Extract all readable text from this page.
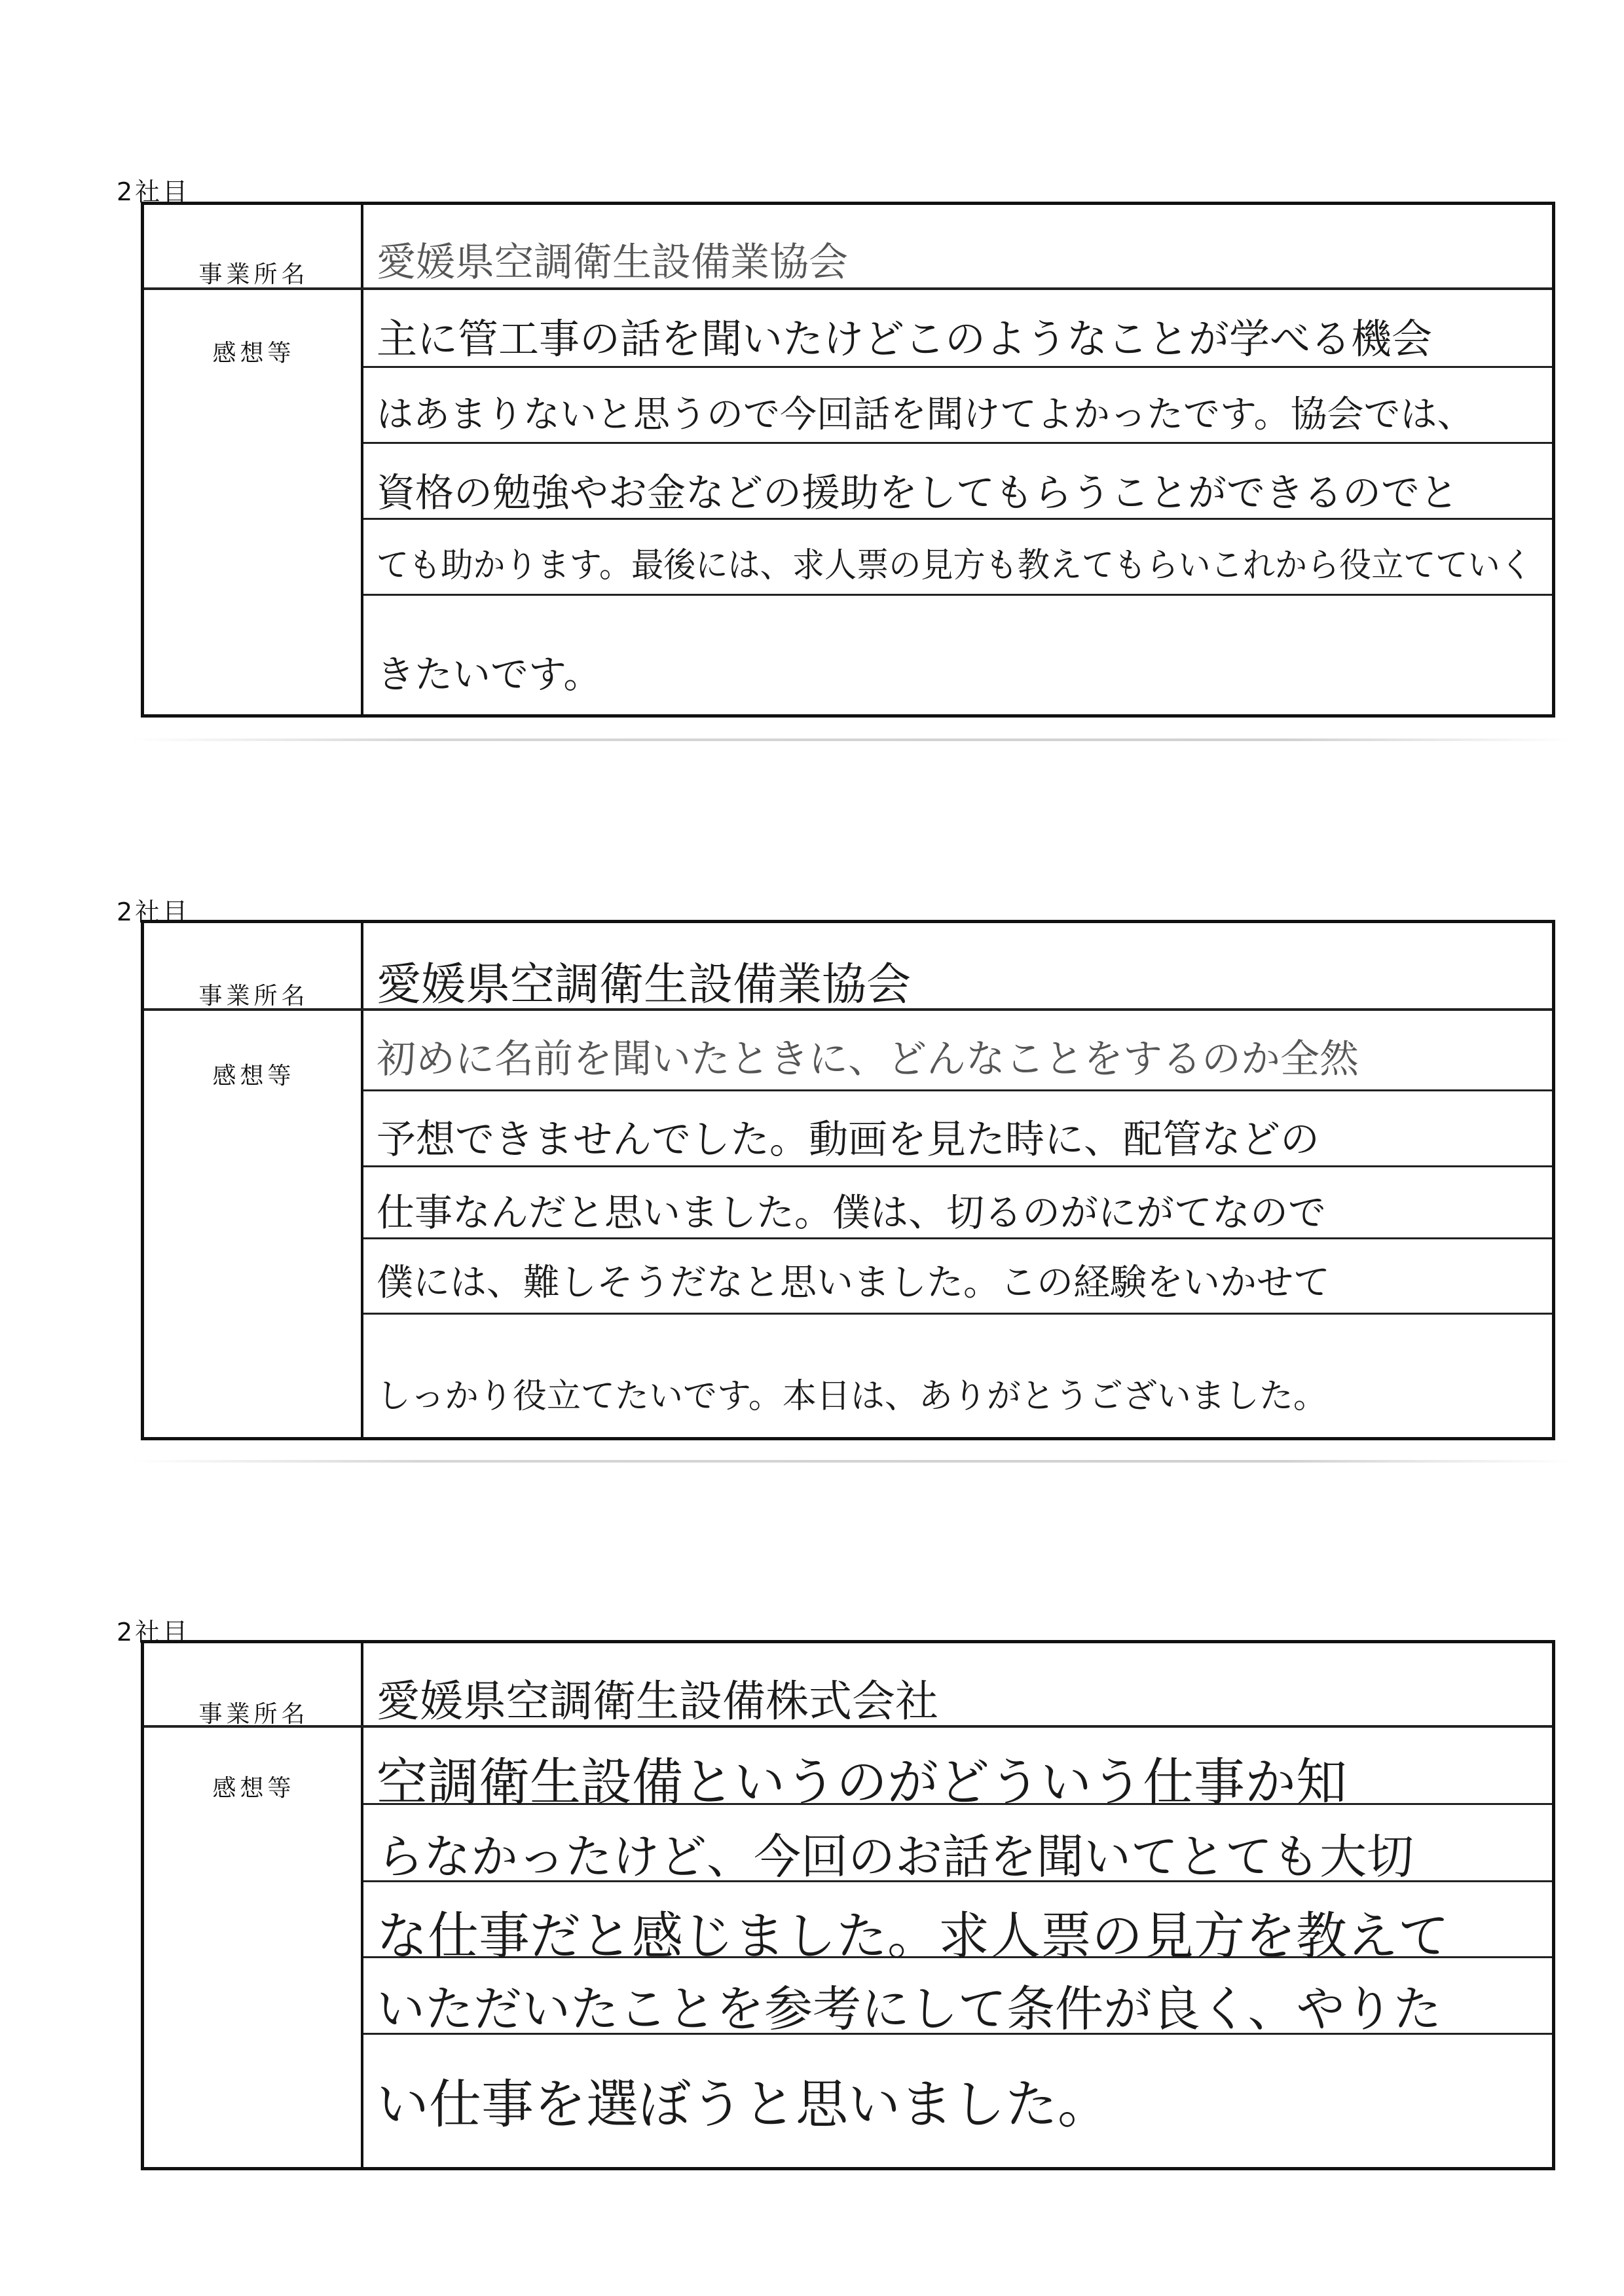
2社目
事業所名
感想等
愛媛県空調衛生設備業協会
主に管工事の話を聞いたけどこのようなことが学べる機会
はあまりないと思うので今回話を聞けてよかったです。協会では、
資格の勉強やお金などの援助をしてもらうことができるのでと
ても助かります。最後には、求人票の見方も教えてもらいこれから役立てていく
きたいです。
2社目
事業所名
感想等
愛媛県空調衛生設備業協会
初めに名前を聞いたときに、どんなことをするのか全然
予想できませんでした。動画を見た時に、配管などの
仕事なんだと思いました。僕は、切るのがにがてなので
僕には、難しそうだなと思いました。この経験をいかせて
しっかり役立てたいです。本日は、ありがとうございました。
2社目
事業所名
感想等
愛媛県空調衛生設備株式会社
空調衛生設備というのがどういう仕事か知
らなかったけど、今回のお話を聞いてとても大切
な仕事だと感じました。求人票の見方を教えて
いただいたことを参考にして条件が良く、やりた
い仕事を選ぼうと思いました。
